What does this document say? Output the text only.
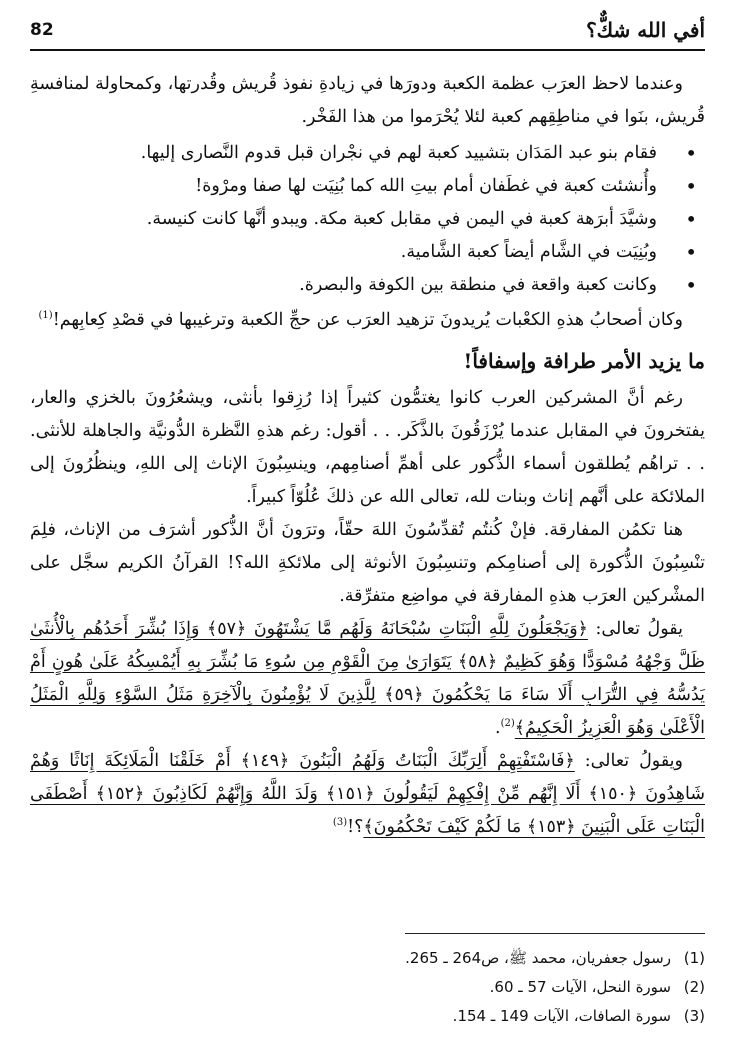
أفي الله شكٌّ؟
82

وعندما لاحظ العرَب عظمة الكعبة ودورَها في زيادةِ نفوذ قُريش وقُدرتها، وكمحاولة لمنافسةِ قُريش، بنَوا في مناطِقِهم كعبة لئلا يُحْرَموا من هذا الفَخْر.

• فقام بنو عبد المَدَان بتشييد كعبة لهم في نجْران قبل قدوم النَّصارى إليها.
• وأُنشئت كعبة في غطَفان أمام بيتِ الله كما بُنِيَت لها صفا ومرْوة!
• وشيَّدَ أبرَهة كعبة في اليمن في مقابل كعبة مكة. ويبدو أنَّها كانت كنيسة.
• وبُنِيَت في الشَّام أيضاً كعبة الشَّامية.
• وكانت كعبة واقعة في منطقة بين الكوفة والبصرة.

وكان أصحابُ هذهِ الكعْبات يُريدونَ تزهيد العرَب عن حجِّ الكعبة وترغيبها في قصْدِ كِعابِهم!$^{(1)}$

ما يزيد الأمر طرافة وإسفافاً!

رغم أنَّ المشركين العرب كانوا يغتمُّون كثيراً إذا رُزِقوا بأنثى، ويشعُرُونَ بالخزي والعار، يفتخرونَ في المقابل عندما يُرْزَقُونَ بالذَّكَر. . . أقول: رغم هذهِ النَّظرة الدُّونيَّة والجاهلة للأنثى. . . تراهُم يُطلقون أسماء الذُّكور على أهمِّ أصنامِهم، وينسِبُونَ الإناث إلى اللهِ، وينظُرُونَ إلى الملائكة على أنَّهم إناث وبنات لله، تعالى الله عن ذلكَ عُلُوّاً كبيراً.

هنا تكمُن المفارقة. فإنْ كُنتُم تُقدِّسُونَ اللهَ حقّاً، وترَونَ أنَّ الذُّكور أشرَف من الإناث، فلِمَ تنْسِبُونَ الذُّكورة إلى أصنامِكم وتنسِبُونَ الأنوثة إلى ملائكةِ الله؟! القرآنُ الكريم سجَّل على المشْركين العرَب هذهِ المفارقة في مواضِع متفرِّقة.

يقولُ تعالى: ﴿وَيَجْعَلُونَ لِلَّهِ الْبَنَاتِ سُبْحَانَهُ وَلَهُم مَّا يَشْتَهُونَ ﴿٥٧﴾ وَإِذَا بُشِّرَ أَحَدُهُم بِالْأُنثَىٰ ظَلَّ وَجْهُهُ مُسْوَدًّا وَهُوَ كَظِيمٌ ﴿٥٨﴾ يَتَوَارَىٰ مِنَ الْقَوْمِ مِن سُوءِ مَا بُشِّرَ بِهِ أَيُمْسِكُهُ عَلَىٰ هُونٍ أَمْ يَدُسُّهُ فِي التُّرَابِ أَلَا سَاءَ مَا يَحْكُمُونَ ﴿٥٩﴾ لِلَّذِينَ لَا يُؤْمِنُونَ بِالْآخِرَةِ مَثَلُ السَّوْءِ وَلِلَّهِ الْمَثَلُ الْأَعْلَىٰ وَهُوَ الْعَزِيزُ الْحَكِيمُ﴾$^{(2)}$.

ويقولُ تعالى: ﴿فَاسْتَفْتِهِمْ أَلِرَبِّكَ الْبَنَاتُ وَلَهُمُ الْبَنُونَ ﴿١٤٩﴾ أَمْ خَلَقْنَا الْمَلَائِكَةَ إِنَاثًا وَهُمْ شَاهِدُونَ ﴿١٥٠﴾ أَلَا إِنَّهُم مِّنْ إِفْكِهِمْ لَيَقُولُونَ ﴿١٥١﴾ وَلَدَ اللَّهُ وَإِنَّهُمْ لَكَاذِبُونَ ﴿١٥٢﴾ أَصْطَفَى الْبَنَاتِ عَلَى الْبَنِينَ ﴿١٥٣﴾ مَا لَكُمْ كَيْفَ تَحْكُمُونَ﴾؟!$^{(3)}$

(1)رسول جعفريان، محمد ﷺ، ص264 ـ 265.
(2)سورة النحل، الآيات 57 ـ 60.
(3)سورة الصافات، الآيات 149 ـ 154.
